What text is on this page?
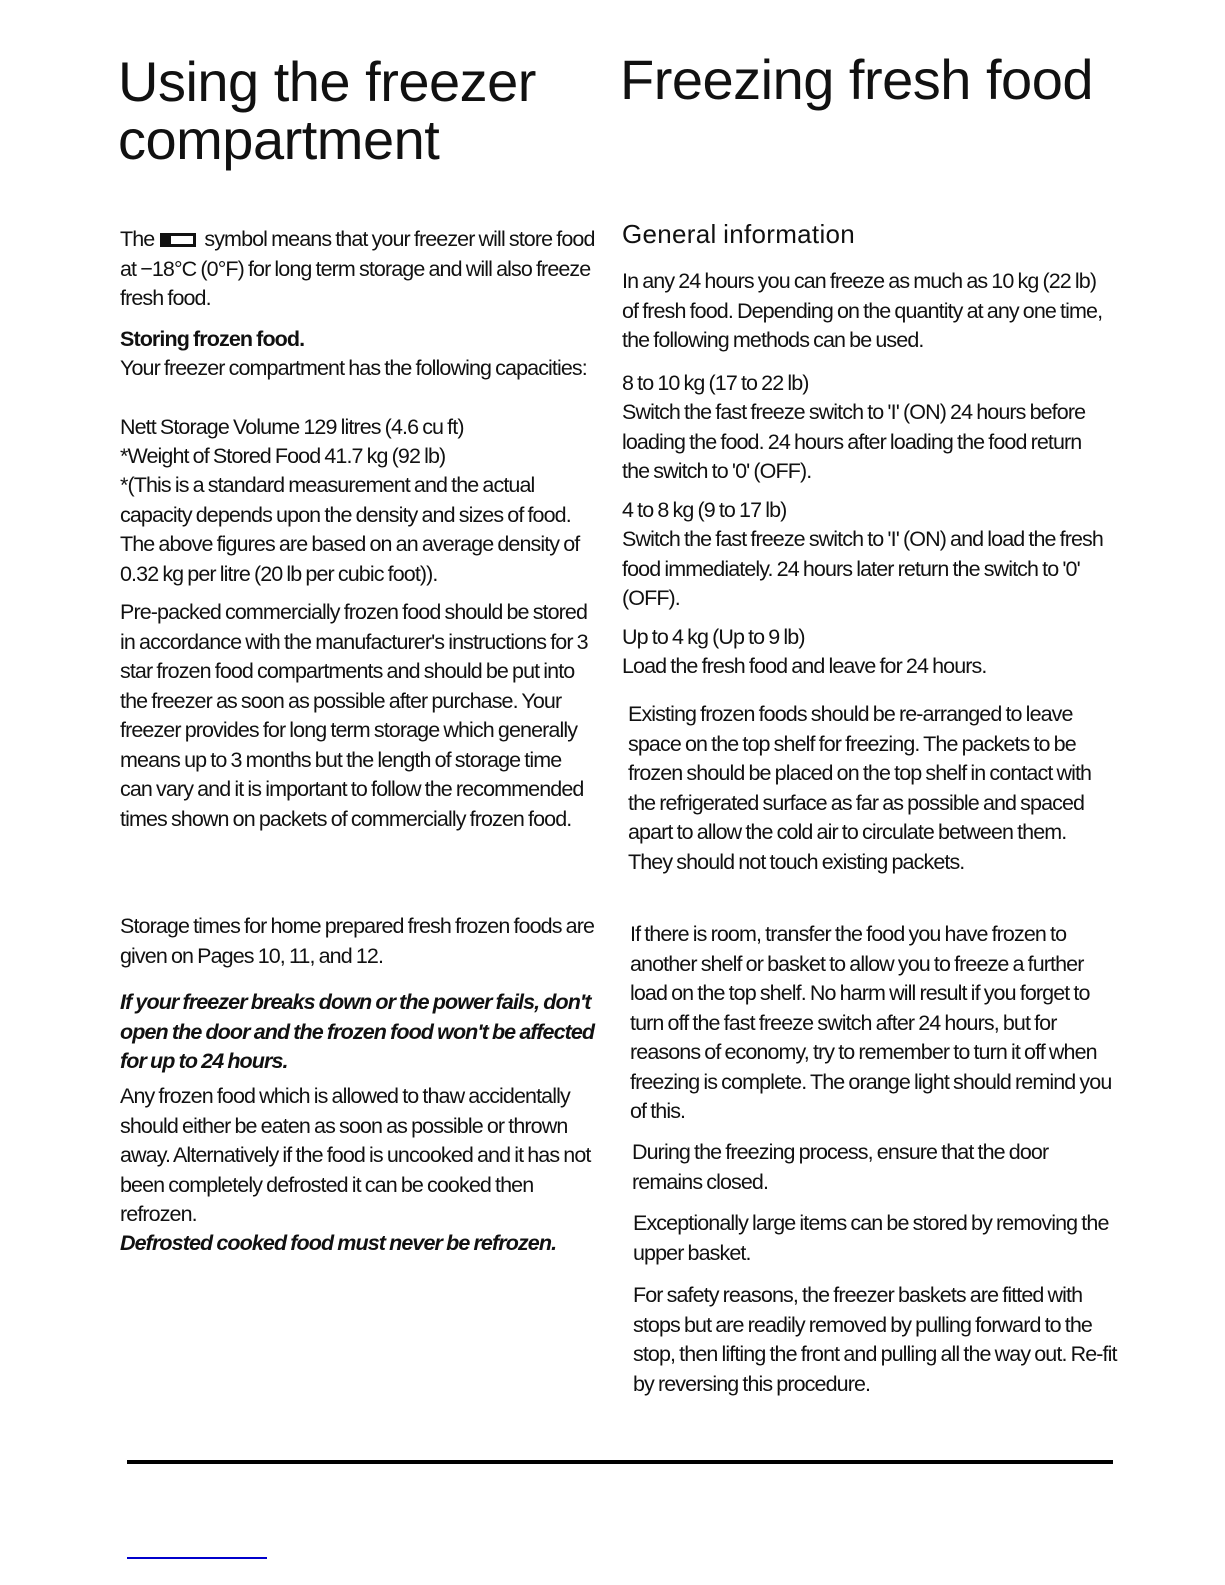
Using the freezer
compartment
Freezing fresh food

The symbol means that your freezer will store food at −18°C (0°F) for long term storage and will also freeze fresh food.

Storing frozen food.

Your freezer compartment has the following capacities:

Nett Storage Volume 129 litres (4.6 cu ft)

*Weight of Stored Food 41.7 kg (92 lb)

*(This is a standard measurement and the actual capacity depends upon the density and sizes of food. The above figures are based on an average density of 0.32 kg per litre (20 lb per cubic foot)).

Pre-packed commercially frozen food should be stored in accordance with the manufacturer's instructions for 3 star frozen food compartments and should be put into the freezer as soon as possible after purchase. Your freezer provides for long term storage which generally means up to 3 months but the length of storage time can vary and it is important to follow the recommended times shown on packets of commercially frozen food.

Storage times for home prepared fresh frozen foods are given on Pages 10, 11, and 12.

If your freezer breaks down or the power fails, don't open the door and the frozen food won't be affected for up to 24 hours.

Any frozen food which is allowed to thaw accidentally should either be eaten as soon as possible or thrown away. Alternatively if the food is uncooked and it has not been completely defrosted it can be cooked then refrozen.

Defrosted cooked food must never be refrozen.

General information

In any 24 hours you can freeze as much as 10 kg (22 lb) of fresh food. Depending on the quantity at any one time, the following methods can be used.

8 to 10 kg (17 to 22 lb)

Switch the fast freeze switch to 'I' (ON) 24 hours before loading the food. 24 hours after loading the food return the switch to '0' (OFF).

4 to 8 kg (9 to 17 lb)

Switch the fast freeze switch to 'I' (ON) and load the fresh food immediately. 24 hours later return the switch to '0' (OFF).

Up to 4 kg (Up to 9 lb)

Load the fresh food and leave for 24 hours.

Existing frozen foods should be re-arranged to leave space on the top shelf for freezing. The packets to be frozen should be placed on the top shelf in contact with the refrigerated surface as far as possible and spaced apart to allow the cold air to circulate between them. They should not touch existing packets.

If there is room, transfer the food you have frozen to another shelf or basket to allow you to freeze a further load on the top shelf. No harm will result if you forget to turn off the fast freeze switch after 24 hours, but for reasons of economy, try to remember to turn it off when freezing is complete. The orange light should remind you of this.

During the freezing process, ensure that the door remains closed.

Exceptionally large items can be stored by removing the upper basket.

For safety reasons, the freezer baskets are fitted with stops but are readily removed by pulling forward to the stop, then lifting the front and pulling all the way out. Re-fit by reversing this procedure.
